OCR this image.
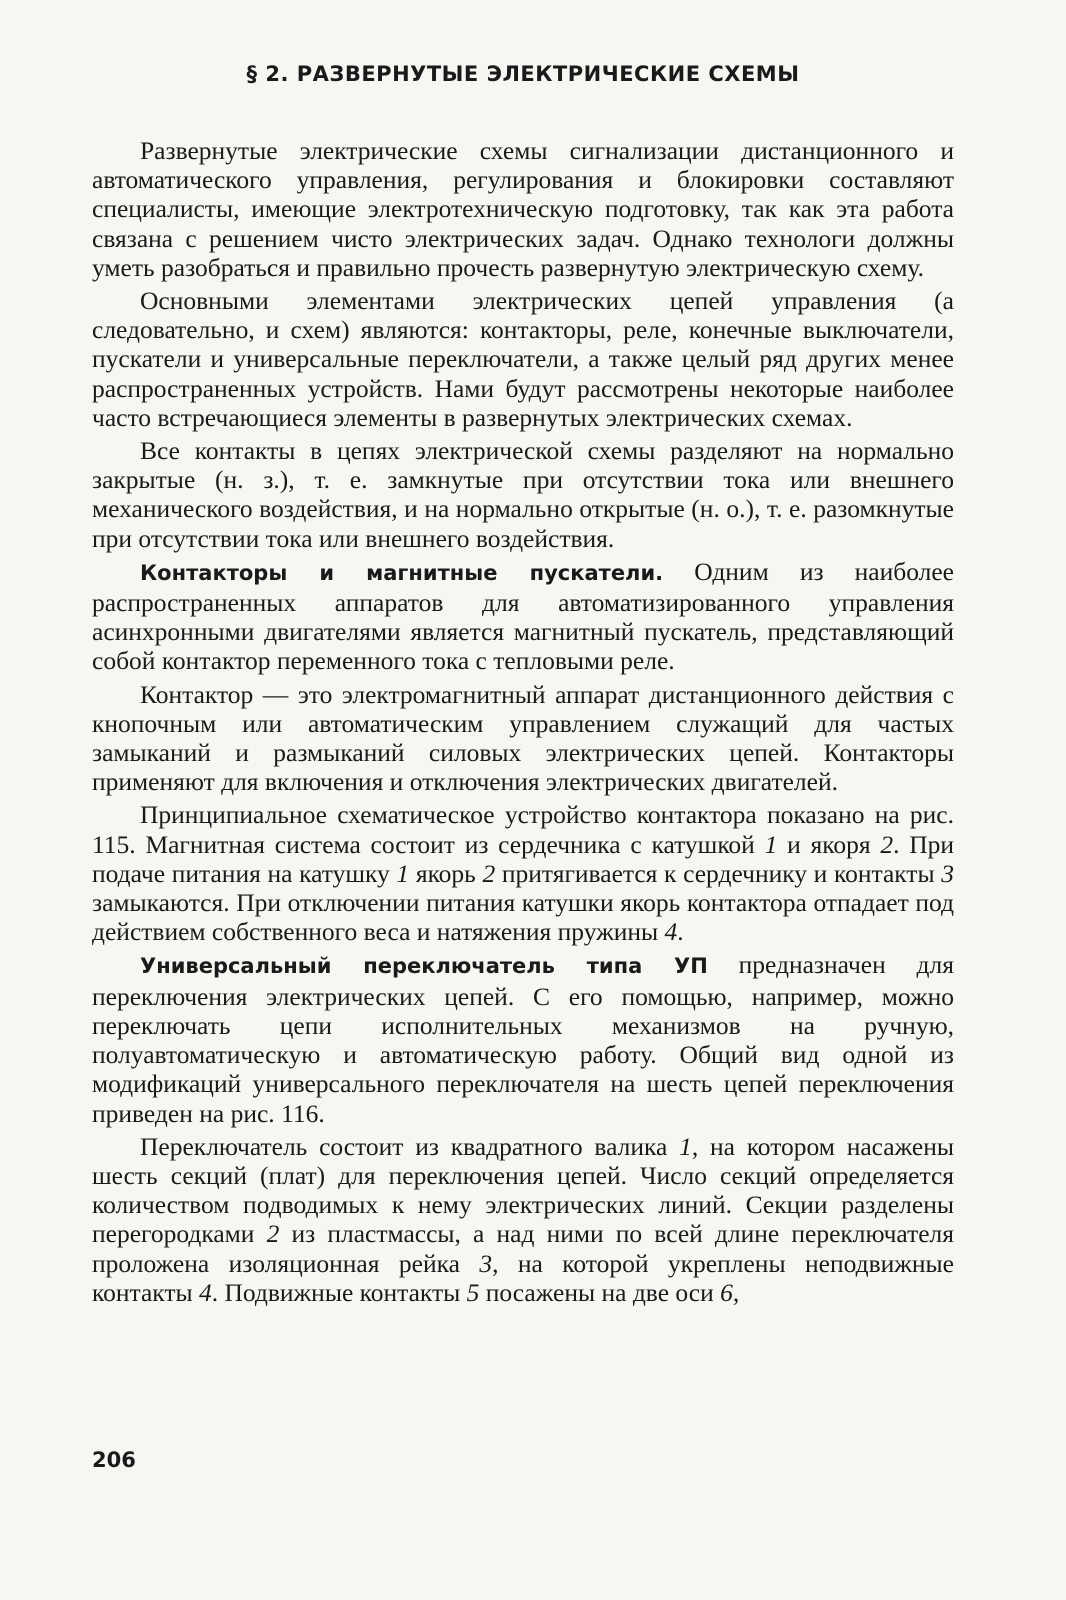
§ 2. РАЗВЕРНУТЫЕ ЭЛЕКТРИЧЕСКИЕ СХЕМЫ

Развернутые электрические схемы сигнализации дистанционного и автоматического управления, регулирования и блокировки составляют специалисты, имеющие электротехническую подготовку, так как эта работа связана с решением чисто электрических задач. Однако технологи должны уметь разобраться и правильно прочесть развернутую электрическую схему.

Основными элементами электрических цепей управления (а следовательно, и схем) являются: контакторы, реле, конечные выключатели, пускатели и универсальные переключатели, а также целый ряд других менее распространенных устройств. Нами будут рассмотрены некоторые наиболее часто встречающиеся элементы в развернутых электрических схемах.

Все контакты в цепях электрической схемы разделяют на нормально закрытые (н. з.), т. е. замкнутые при отсутствии тока или внешнего механического воздействия, и на нормально открытые (н. о.), т. е. разомкнутые при отсутствии тока или внешнего воздействия.

Контакторы и магнитные пускатели. Одним из наиболее распространенных аппаратов для автоматизированного управления асинхронными двигателями является магнитный пускатель, представляющий собой контактор переменного тока с тепловыми реле.

Контактор — это электромагнитный аппарат дистанционного действия с кнопочным или автоматическим управлением служащий для частых замыканий и размыканий силовых электрических цепей. Контакторы применяют для включения и отключения электрических двигателей.

Принципиальное схематическое устройство контактора показано на рис. 115. Магнитная система состоит из сердечника с катушкой 1 и якоря 2. При подаче питания на катушку 1 якорь 2 притягивается к сердечнику и контакты 3 замыкаются. При отключении питания катушки якорь контактора отпадает под действием собственного веса и натяжения пружины 4.

Универсальный переключатель типа УП предназначен для переключения электрических цепей. С его помощью, например, можно переключать цепи исполнительных механизмов на ручную, полуавтоматическую и автоматическую работу. Общий вид одной из модификаций универсального переключателя на шесть цепей переключения приведен на рис. 116.

Переключатель состоит из квадратного валика 1, на котором насажены шесть секций (плат) для переключения цепей. Число секций определяется количеством подводимых к нему электрических линий. Секции разделены перегородками 2 из пластмассы, а над ними по всей длине переключателя проложена изоляционная рейка 3, на которой укреплены неподвижные контакты 4. Подвижные контакты 5 посажены на две оси 6,

206
